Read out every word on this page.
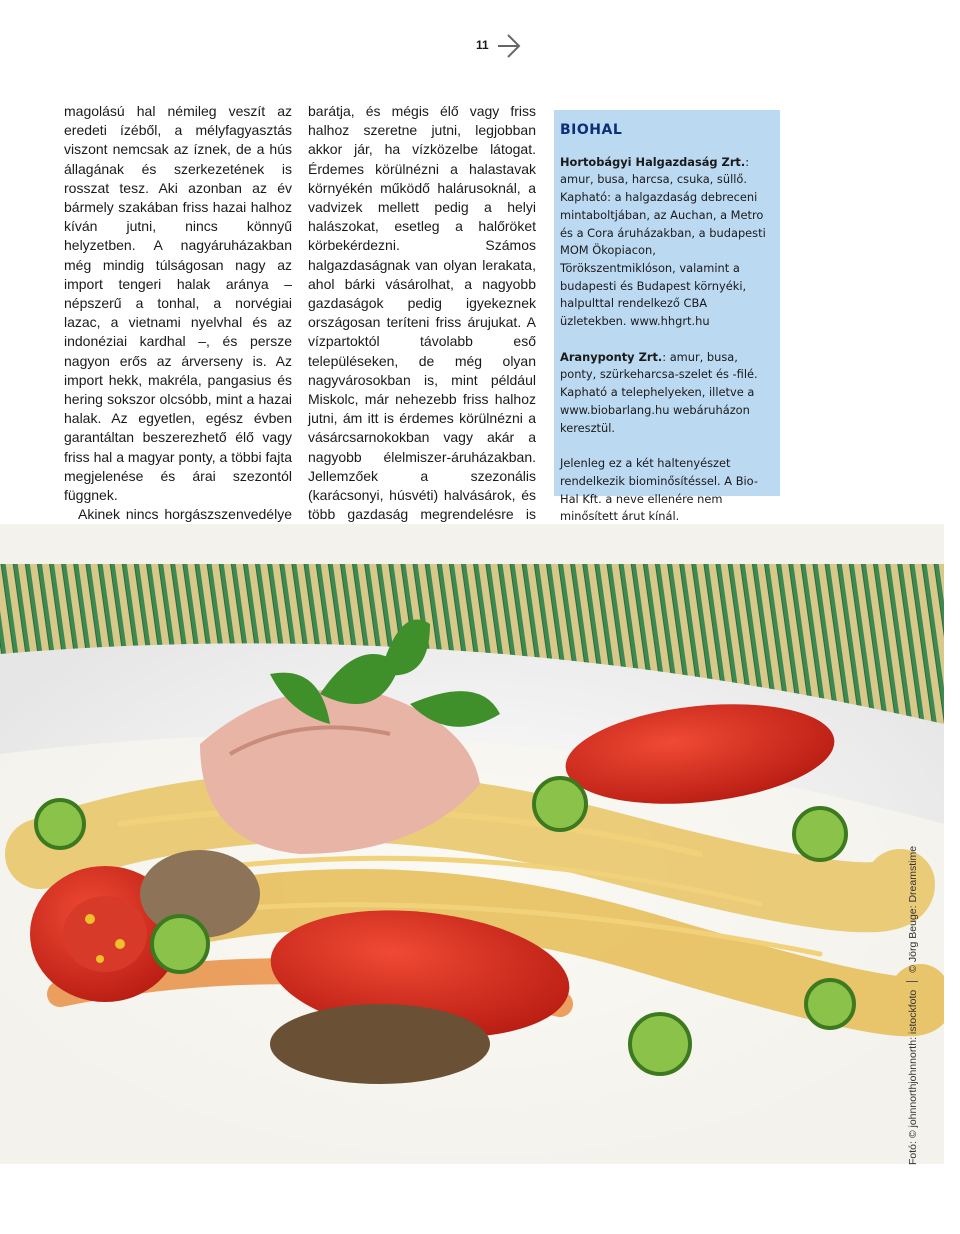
11

magolású hal némileg veszít az eredeti ízéből, a mélyfagyasztás viszont nemcsak az íznek, de a hús állagának és szerkezetének is rosszat tesz. Aki azonban az év bármely szakában friss hazai halhoz kíván jutni, nincs könnyű helyzetben. A nagyáruházakban még mindig túlságosan nagy az import tengeri halak aránya – népszerű a tonhal, a norvégiai lazac, a vietnami nyelvhal és az indonéziai kardhal –, és persze nagyon erős az árverseny is. Az import hekk, makréla, pangasius és hering sokszor olcsóbb, mint a hazai halak. Az egyetlen, egész évben garantáltan beszerezhető élő vagy friss hal a magyar ponty, a többi fajta megjelenése és árai szezontól függnek.

Akinek nincs horgászszenvedélye

barátja, és mégis élő vagy friss halhoz szeretne jutni, legjobban akkor jár, ha vízközelbe látogat. Érdemes körülnézni a halastavak környékén működő halárusoknál, a vadvizek mellett pedig a helyi halászokat, esetleg a halőröket körbekérdezni. Számos halgazdaságnak van olyan lerakata, ahol bárki vásárolhat, a nagyobb gazdaságok pedig igyekeznek országosan teríteni friss árujukat. A vízpartoktól távolabb eső településeken, de még olyan nagyvárosokban is, mint például Miskolc, már nehezebb friss halhoz jutni, ám itt is érdemes körülnézni a vásárcsarnokokban vagy akár a nagyobb élelmiszer-áruházakban. Jellemzőek a szezonális (karácsonyi, húsvéti) halvásárok, és több gazdaság megrendelésre is

BIOHAL

Hortobágyi Halgazdaság Zrt.: amur, busa, harcsa, csuka, süllő. Kapható: a halgazdaság debreceni mintaboltjában, az Auchan, a Metro és a Cora áruházakban, a budapesti MOM Ökopiacon, Törökszentmiklóson, valamint a budapesti és Budapest környéki, halpulttal rendelkező CBA üzletekben. www.hhgrt.hu

Aranyponty Zrt.: amur, busa, ponty, szürkeharcsa-szelet és -filé. Kapható a telephelyeken, illetve a www.biobarlang.hu webáruházon keresztül.

Jelenleg ez a két haltenyészet rendelkezik biominősítéssel. A Bio-Hal Kft. a neve ellenére nem minősített árut kínál.

Fotó: © johnnorthjohnnorth: istockfoto© Jörg Beuge: Dreamstime
